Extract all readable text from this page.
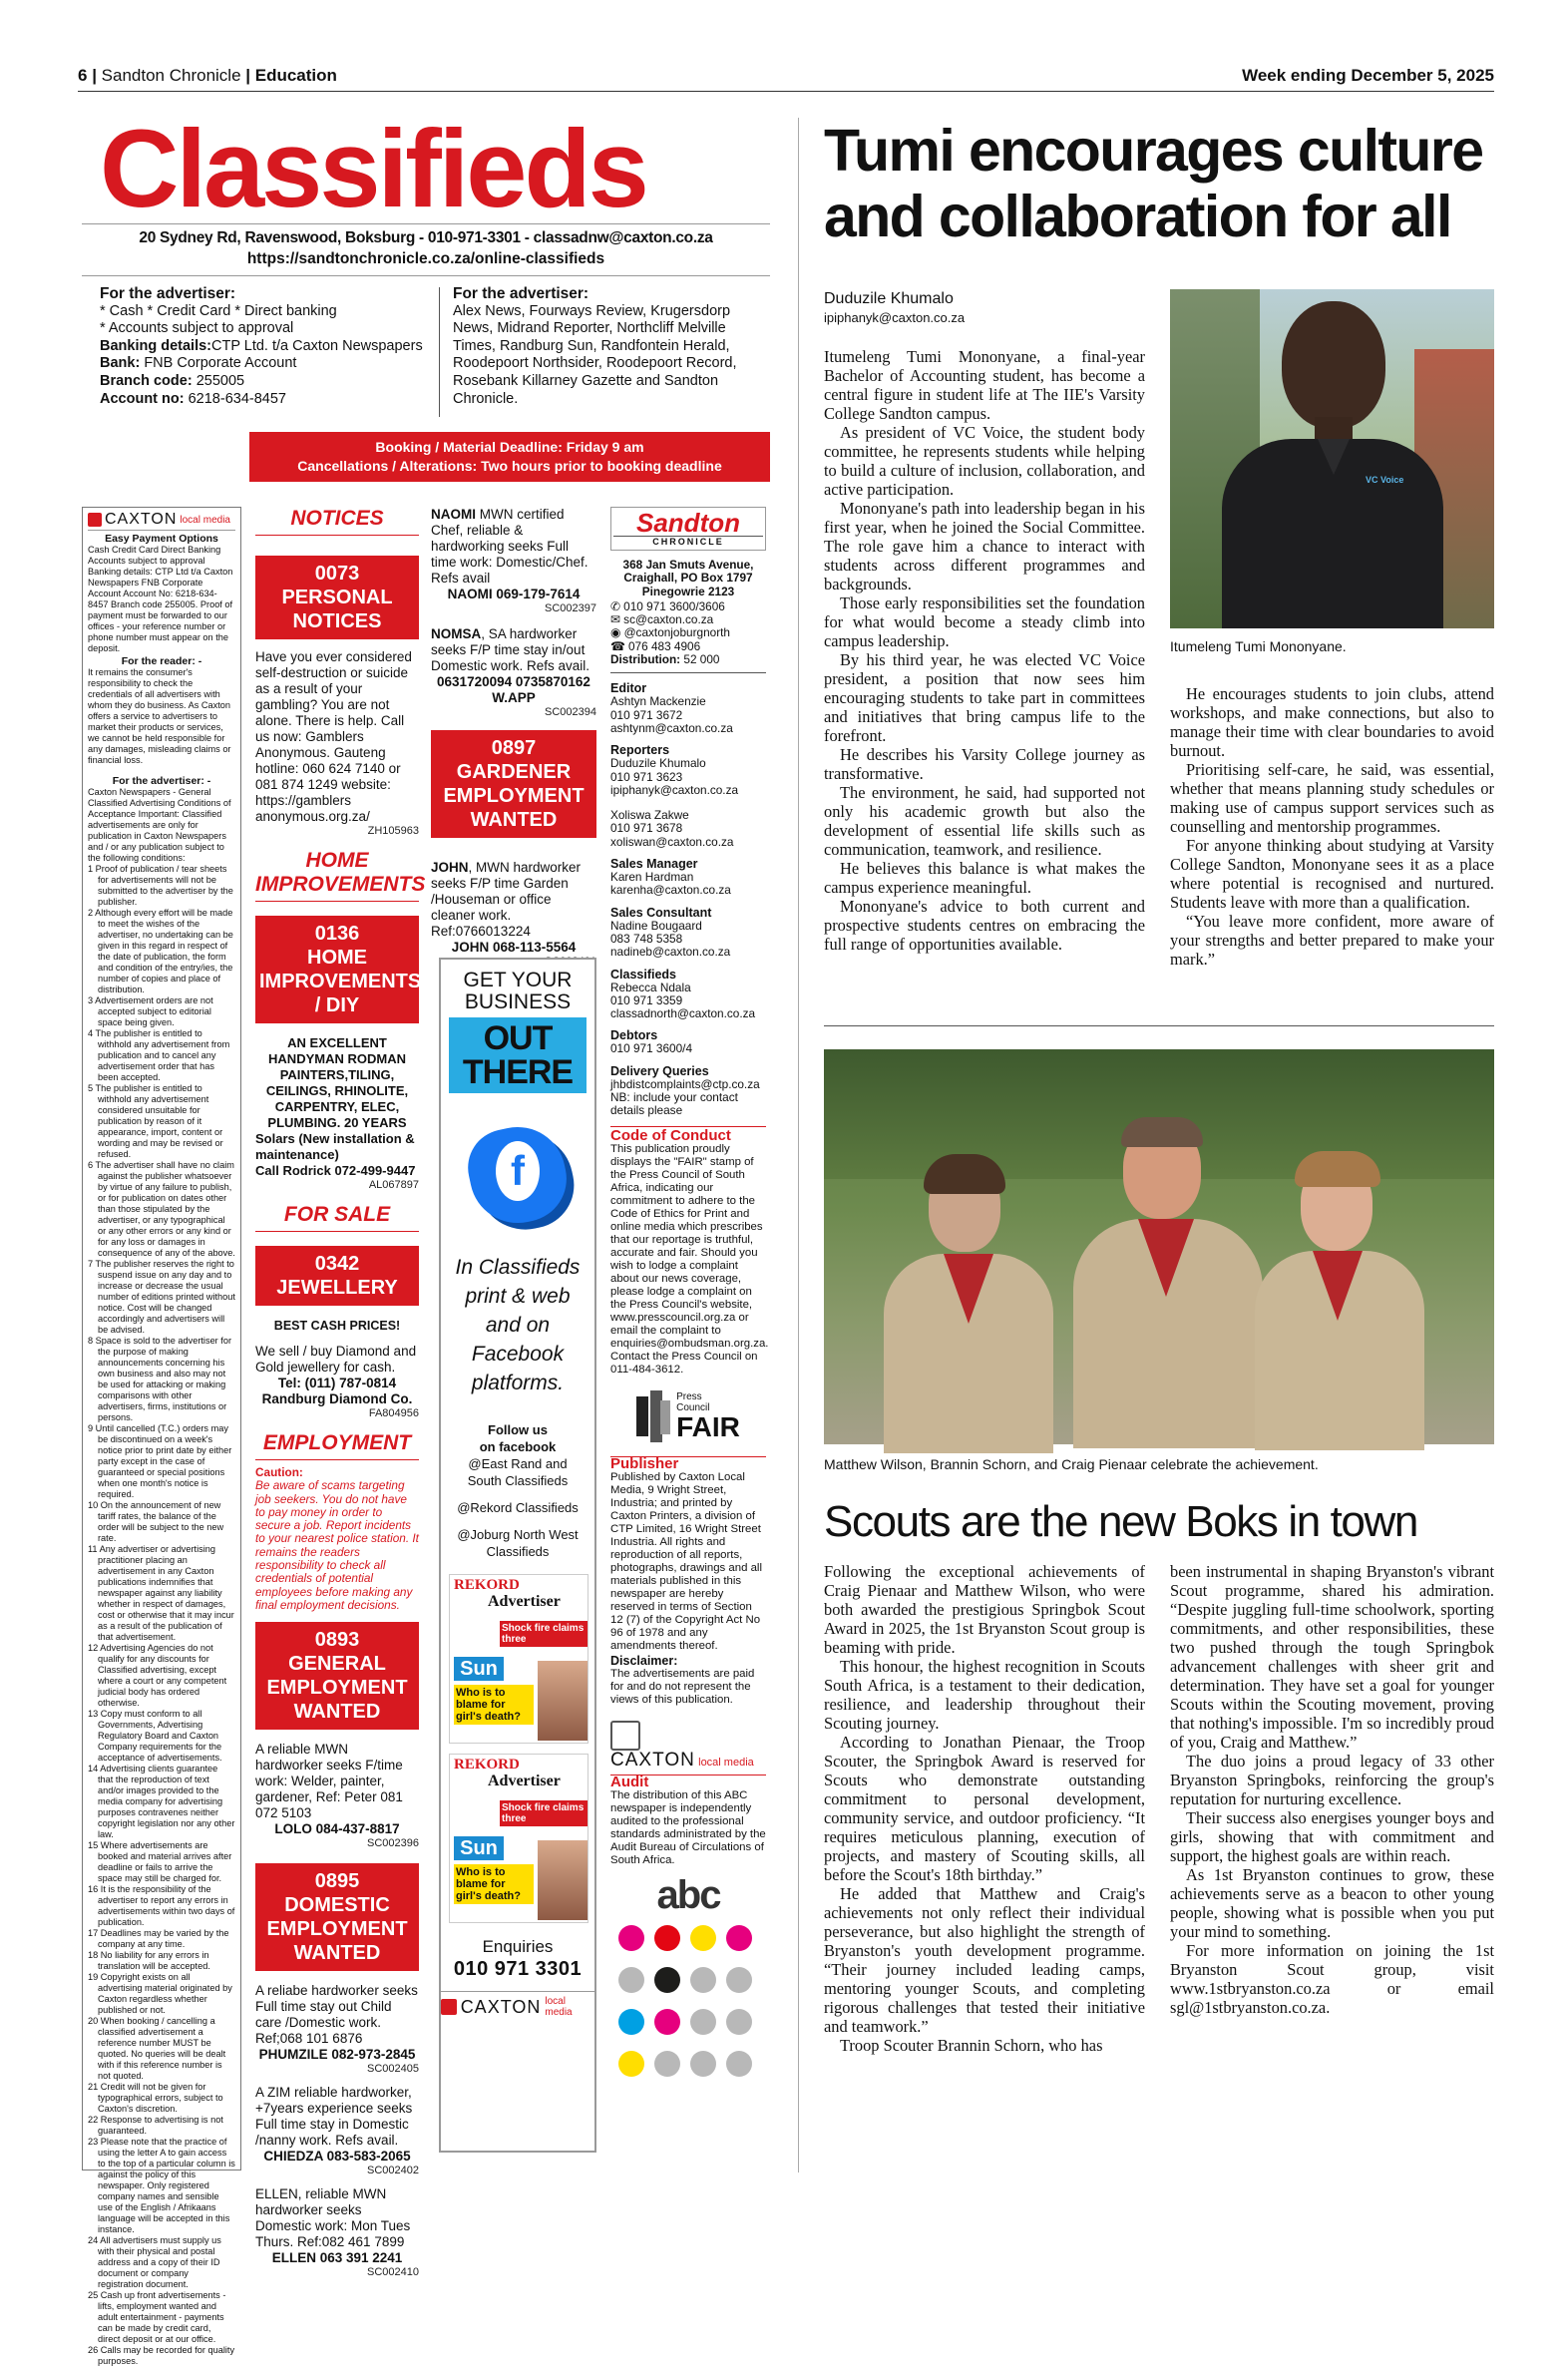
6 | Sandton Chronicle | Education	Week ending December 5, 2025
Classifieds
20 Sydney Rd, Ravenswood, Boksburg - 010-971-3301 - classadnw@caxton.co.za
https://sandtonchronicle.co.za/online-classifieds
For the advertiser:
* Cash * Credit Card * Direct banking
* Accounts subject to approval
Banking details:CTP Ltd. t/a Caxton Newspapers
Bank: FNB Corporate Account
Branch code: 255005
Account no: 6218-634-8457
For the advertiser:
Alex News, Fourways Review, Krugersdorp News, Midrand Reporter, Northcliff Melville Times, Randburg Sun, Randfontein Herald, Roodepoort Northsider, Roodepoort Record, Rosebank Killarney Gazette and Sandton Chronicle.
Booking / Material Deadline: Friday 9 am
Cancellations / Alterations: Two hours prior to booking deadline
CAXTON local media
Easy Payment Options
Cash Credit Card Direct Banking Accounts subject to approval Banking details: CTP Ltd t/a Caxton Newspapers FNB Corporate Account Account No: 6218-634-8457 Branch code 255005. Proof of payment must be forwarded to our offices - your reference number or phone number must appear on the deposit.
For the reader: -
It remains the consumer's responsibility to check the credentials of all advertisers with whom they do business. As Caxton offers a service to advertisers to market their products or services, we cannot be held responsible for any damages, misleading claims or financial loss.
For the advertiser: -
Caxton Newspapers - General Classified Advertising Conditions of Acceptance Important: Classified advertisements are only for publication in Caxton Newspapers and / or any publication subject to the following conditions:
1 Proof of publication / tear sheets for advertisements will not be submitted to the advertiser by the publisher.
2 Although every effort will be made to meet the wishes of the advertiser, no undertaking can be given in this regard in respect of the date of publication, the form and condition of the entry/ies, the number of copies and place of distribution.
3 Advertisement orders are not accepted subject to editorial space being given.
4 The publisher is entitled to withhold any advertisement from publication and to cancel any advertisement order that has been accepted.
5 The publisher is entitled to withhold any advertisement considered unsuitable for publication by reason of it appearance, import, content or wording and may be revised or refused.
6 The advertiser shall have no claim against the publisher whatsoever by virtue of any failure to publish, or for publication on dates other than those stipulated by the advertiser, or any typographical or any other errors or any kind or for any loss or damages in consequence of any of the above.
7 The publisher reserves the right to suspend issue on any day and to increase or decrease the usual number of editions printed without notice. Cost will be changed accordingly and advertisers will be advised.
8 Space is sold to the advertiser for the purpose of making announcements concerning his own business and also may not be used for attacking or making comparisons with other advertisers, firms, institutions or persons.
9 Until cancelled (T.C.) orders may be discontinued on a week's notice prior to print date by either party except in the case of guaranteed or special positions when one month's notice is required.
10 On the announcement of new tariff rates, the balance of the order will be subject to the new rate.
11 Any advertiser or advertising practitioner placing an advertisement in any Caxton publications indemnifies that newspaper against any liability whether in respect of damages, cost or otherwise that it may incur as a result of the publication of that advertisement.
12 Advertising Agencies do not qualify for any discounts for Classified advertising, except where a court or any competent judicial body has ordered otherwise.
13 Copy must conform to all Governments, Advertising Regulatory Board and Caxton Company requirements for the acceptance of advertisements.
14 Advertising clients guarantee that the reproduction of text and/or images provided to the media company for advertising purposes contravenes neither copyright legislation nor any other law.
15 Where advertisements are booked and material arrives after deadline or fails to arrive the space may still be charged for.
16 It is the responsibility of the advertiser to report any errors in advertisements within two days of publication.
17 Deadlines may be varied by the company at any time.
18 No liability for any errors in translation will be accepted.
19 Copyright exists on all advertising material originated by Caxton regardless whether published or not.
20 When booking / cancelling a classified advertisement a reference number MUST be quoted. No queries will be dealt with if this reference number is not quoted.
21 Credit will not be given for typographical errors, subject to Caxton's discretion.
22 Response to advertising is not guaranteed.
23 Please note that the practice of using the letter A to gain access to the top of a particular column is against the policy of this newspaper. Only registered company names and sensible use of the English / Afrikaans language will be accepted in this instance.
24 All advertisers must supply us with their physical and postal address and a copy of their ID document or company registration document.
25 Cash up front advertisements - lifts, employment wanted and adult entertainment - payments can be made by credit card, direct deposit or at our office.
26 Calls may be recorded for quality purposes.
NOTICES
0073
PERSONAL NOTICES
Have you ever considered self-destruction or suicide as a result of your gambling? You are not alone. There is help. Call us now: Gamblers Anonymous. Gauteng hotline: 060 624 7140 or 081 874 1249 website: https://gamblers anonymous.org.za/
ZH105963
HOME IMPROVEMENTS
0136
HOME
IMPROVEMENTS / DIY
AN EXCELLENT HANDYMAN RODMAN PAINTERS,TILING, CEILINGS, RHINOLITE, CARPENTRY, ELEC, PLUMBING. 20 YEARS
Solars (New installation & maintenance)
Call Rodrick 072-499-9447
AL067897
FOR SALE
0342
JEWELLERY
BEST CASH PRICES!
We sell / buy Diamond and Gold jewellery for cash.
Tel: (011) 787-0814
Randburg Diamond Co.
FA804956
EMPLOYMENT
Caution:
Be aware of scams targeting job seekers. You do not have to pay money in order to secure a job. Report incidents to your nearest police station. It remains the readers responsibility to check all credentials of potential employees before making any final employment decisions.
0893
GENERAL
EMPLOYMENT
WANTED
A reliable MWN hardworker seeks F/time work: Welder, painter, gardener, Ref: Peter 081 072 5103
LOLO 084-437-8817
SC002396
0895
DOMESTIC
EMPLOYMENT
WANTED
A reliabe hardworker seeks Full time stay out Child care /Domestic work. Ref;068 101 6876
PHUMZILE 082-973-2845
SC002405
A ZIM reliable hardworker, +7years experience seeks Full time stay in Domestic /nanny work. Refs avail.
CHIEDZA 083-583-2065
SC002402
ELLEN, reliable MWN hardworker seeks Domestic work: Mon Tues Thurs. Ref:082 461 7899
ELLEN 063 391 2241
SC002410
NAOMI MWN certified Chef, reliable & hardworking seeks Full time work: Domestic/Chef. Refs avail
NAOMI 069-179-7614
SC002397
NOMSA, SA hardworker seeks F/P time stay in/out Domestic work. Refs avail.
0631720094 0735870162 W.APP
SC002394
0897
GARDENER
EMPLOYMENT
WANTED
JOHN, MWN hardworker seeks F/P time Garden /Houseman or office cleaner work. Ref:0766013224
JOHN 068-113-5564
GET YOUR BUSINESS
OUT THERE
f
In Classifieds print & web and on Facebook platforms.
Follow us
on facebook
@East Rand and South Classifieds
@Rekord Classifieds
@Joburg North West Classifieds
REKORD
Advertiser
Shock fire claims three
Sun
Who is to blame for girl's death?
REKORD
Advertiser
Shock fire claims three
Sun
Who is to blame for girl's death?
Enquiries
010 971 3301
CAXTON local media
Sandton
CHRONICLE
368 Jan Smuts Avenue, Craighall, PO Box 1797 Pinegowrie 2123
✆ 010 971 3600/3606
✉ sc@caxton.co.za
◉ @caxtonjoburgnorth
☎ 076 483 4906
Distribution: 52 000
Editor
Ashtyn Mackenzie
010 971 3672
ashtynm@caxton.co.za
Reporters
Duduzile Khumalo
010 971 3623
ipiphanyk@caxton.co.za
Xoliswa Zakwe
010 971 3678
xoliswan@caxton.co.za
Sales Manager
Karen Hardman
karenha@caxton.co.za
Sales Consultant
Nadine Bougaard
083 748 5358
nadineb@caxton.co.za
Classifieds
Rebecca Ndala
010 971 3359
classadnorth@caxton.co.za
Debtors
010 971 3600/4
Delivery Queries
jhbdistcomplaints@ctp.co.za
NB: include your contact details please
Code of Conduct
This publication proudly displays the "FAIR" stamp of the Press Council of South Africa, indicating our commitment to adhere to the Code of Ethics for Print and online media which prescribes that our reportage is truthful, accurate and fair. Should you wish to lodge a complaint about our news coverage, please lodge a complaint on the Press Council's website, www.presscouncil.org.za or email the complaint to enquiries@ombudsman.org.za. Contact the Press Council on 011-484-3612.
Press Council
FAIR
Publisher
Published by Caxton Local Media, 9 Wright Street, Industria; and printed by Caxton Printers, a division of CTP Limited, 16 Wright Street Industria. All rights and reproduction of all reports, photographs, drawings and all materials published in this newspaper are hereby reserved in terms of Section 12 (7) of the Copyright Act No 96 of 1978 and any amendments thereof.
Disclaimer:
The advertisements are paid for and do not represent the views of this publication.
CAXTON local media
Audit
The distribution of this ABC newspaper is independently audited to the professional standards administrated by the Audit Bureau of Circulations of South Africa.
abc
Tumi encourages culture and collaboration for all
Duduzile Khumalo
ipiphanyk@caxton.co.za

Itumeleng Tumi Mononyane, a final-year Bachelor of Accounting student, has become a central figure in student life at The IIE's Varsity College Sandton campus.

As president of VC Voice, the student body committee, he represents students while helping to build a culture of inclusion, collaboration, and active participation.

Mononyane's path into leadership began in his first year, when he joined the Social Committee. The role gave him a chance to interact with students across different programmes and backgrounds.

Those early responsibilities set the foundation for what would become a steady climb into campus leadership.

By his third year, he was elected VC Voice president, a position that now sees him encouraging students to take part in committees and initiatives that bring campus life to the forefront.

He describes his Varsity College journey as transformative.

The environment, he said, had supported not only his academic growth but also the development of essential life skills such as communication, teamwork, and resilience.

He believes this balance is what makes the campus experience meaningful.

Mononyane's advice to both current and prospective students centres on embracing the full range of opportunities available.

VC Voice
Itumeleng Tumi Mononyane.

He encourages students to join clubs, attend workshops, and make connections, but also to manage their time with clear boundaries to avoid burnout.

Prioritising self-care, he said, was essential, whether that means planning study schedules or making use of campus support services such as counselling and mentorship programmes.

For anyone thinking about studying at Varsity College Sandton, Mononyane sees it as a place where potential is recognised and nurtured. Students leave with more than a qualification.

“You leave more confident, more aware of your strengths and better prepared to make your mark.”

Matthew Wilson, Brannin Schorn, and Craig Pienaar celebrate the achievement.
Scouts are the new Boks in town

Following the exceptional achievements of Craig Pienaar and Matthew Wilson, who were both awarded the prestigious Springbok Scout Award in 2025, the 1st Bryanston Scout group is beaming with pride.

This honour, the highest recognition in Scouts South Africa, is a testament to their dedication, resilience, and leadership throughout their Scouting journey.

According to Jonathan Pienaar, the Troop Scouter, the Springbok Award is reserved for Scouts who demonstrate outstanding commitment to personal development, community service, and outdoor proficiency. “It requires meticulous planning, execution of projects, and mastery of Scouting skills, all before the Scout's 18th birthday.”

He added that Matthew and Craig's achievements not only reflect their individual perseverance, but also highlight the strength of Bryanston's youth development programme. “Their journey included leading camps, mentoring younger Scouts, and completing rigorous challenges that tested their initiative and teamwork.”

Troop Scouter Brannin Schorn, who has

been instrumental in shaping Bryanston's vibrant Scout programme, shared his admiration. “Despite juggling full-time schoolwork, sporting commitments, and other responsibilities, these two pushed through the tough Springbok advancement challenges with sheer grit and determination. They have set a goal for younger Scouts within the Scouting movement, proving that nothing's impossible. I'm so incredibly proud of you, Craig and Matthew.”

The duo joins a proud legacy of 33 other Bryanston Springboks, reinforcing the group's reputation for nurturing excellence.

Their success also energises younger boys and girls, showing that with commitment and support, the highest goals are within reach.

As 1st Bryanston continues to grow, these achievements serve as a beacon to other young people, showing what is possible when you put your mind to something.

For more information on joining the 1st Bryanston Scout group, visit www.1stbryanston.co.za or email sgl@1stbryanston.co.za.
